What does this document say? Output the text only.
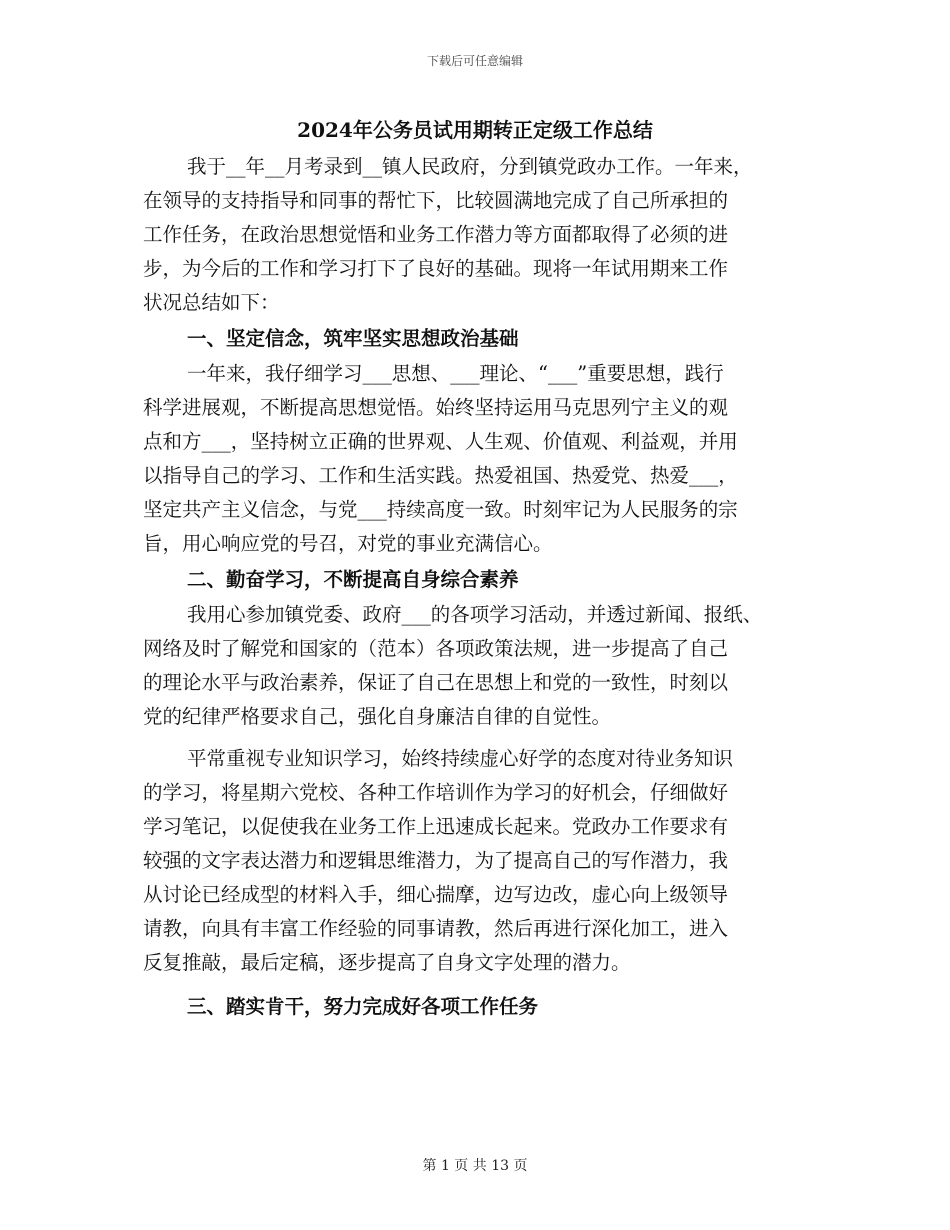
下载后可任意编辑
2024年公务员试用期转正定级工作总结
我于__年__月考录到__镇人民政府，分到镇党政办工作。一年来，
在领导的支持指导和同事的帮忙下，比较圆满地完成了自己所承担的
工作任务，在政治思想觉悟和业务工作潜力等方面都取得了必须的进
步，为今后的工作和学习打下了良好的基础。现将一年试用期来工作
状况总结如下：
一、坚定信念，筑牢坚实思想政治基础
一年来，我仔细学习___思想、___理论、“___”重要思想，践行
科学进展观，不断提高思想觉悟。始终坚持运用马克思列宁主义的观
点和方___，坚持树立正确的世界观、人生观、价值观、利益观，并用
以指导自己的学习、工作和生活实践。热爱祖国、热爱党、热爱___，
坚定共产主义信念，与党___持续高度一致。时刻牢记为人民服务的宗
旨，用心响应党的号召，对党的事业充满信心。
二、勤奋学习，不断提高自身综合素养
我用心参加镇党委、政府___的各项学习活动，并透过新闻、报纸、
网络及时了解党和国家的（范本）各项政策法规，进一步提高了自己
的理论水平与政治素养，保证了自己在思想上和党的一致性，时刻以
党的纪律严格要求自己，强化自身廉洁自律的自觉性。
平常重视专业知识学习，始终持续虚心好学的态度对待业务知识
的学习，将星期六党校、各种工作培训作为学习的好机会，仔细做好
学习笔记，以促使我在业务工作上迅速成长起来。党政办工作要求有
较强的文字表达潜力和逻辑思维潜力，为了提高自己的写作潜力，我
从讨论已经成型的材料入手，细心揣摩，边写边改，虚心向上级领导
请教，向具有丰富工作经验的同事请教，然后再进行深化加工，进入
反复推敲，最后定稿，逐步提高了自身文字处理的潜力。
三、踏实肯干，努力完成好各项工作任务
第 1 页 共 13 页
